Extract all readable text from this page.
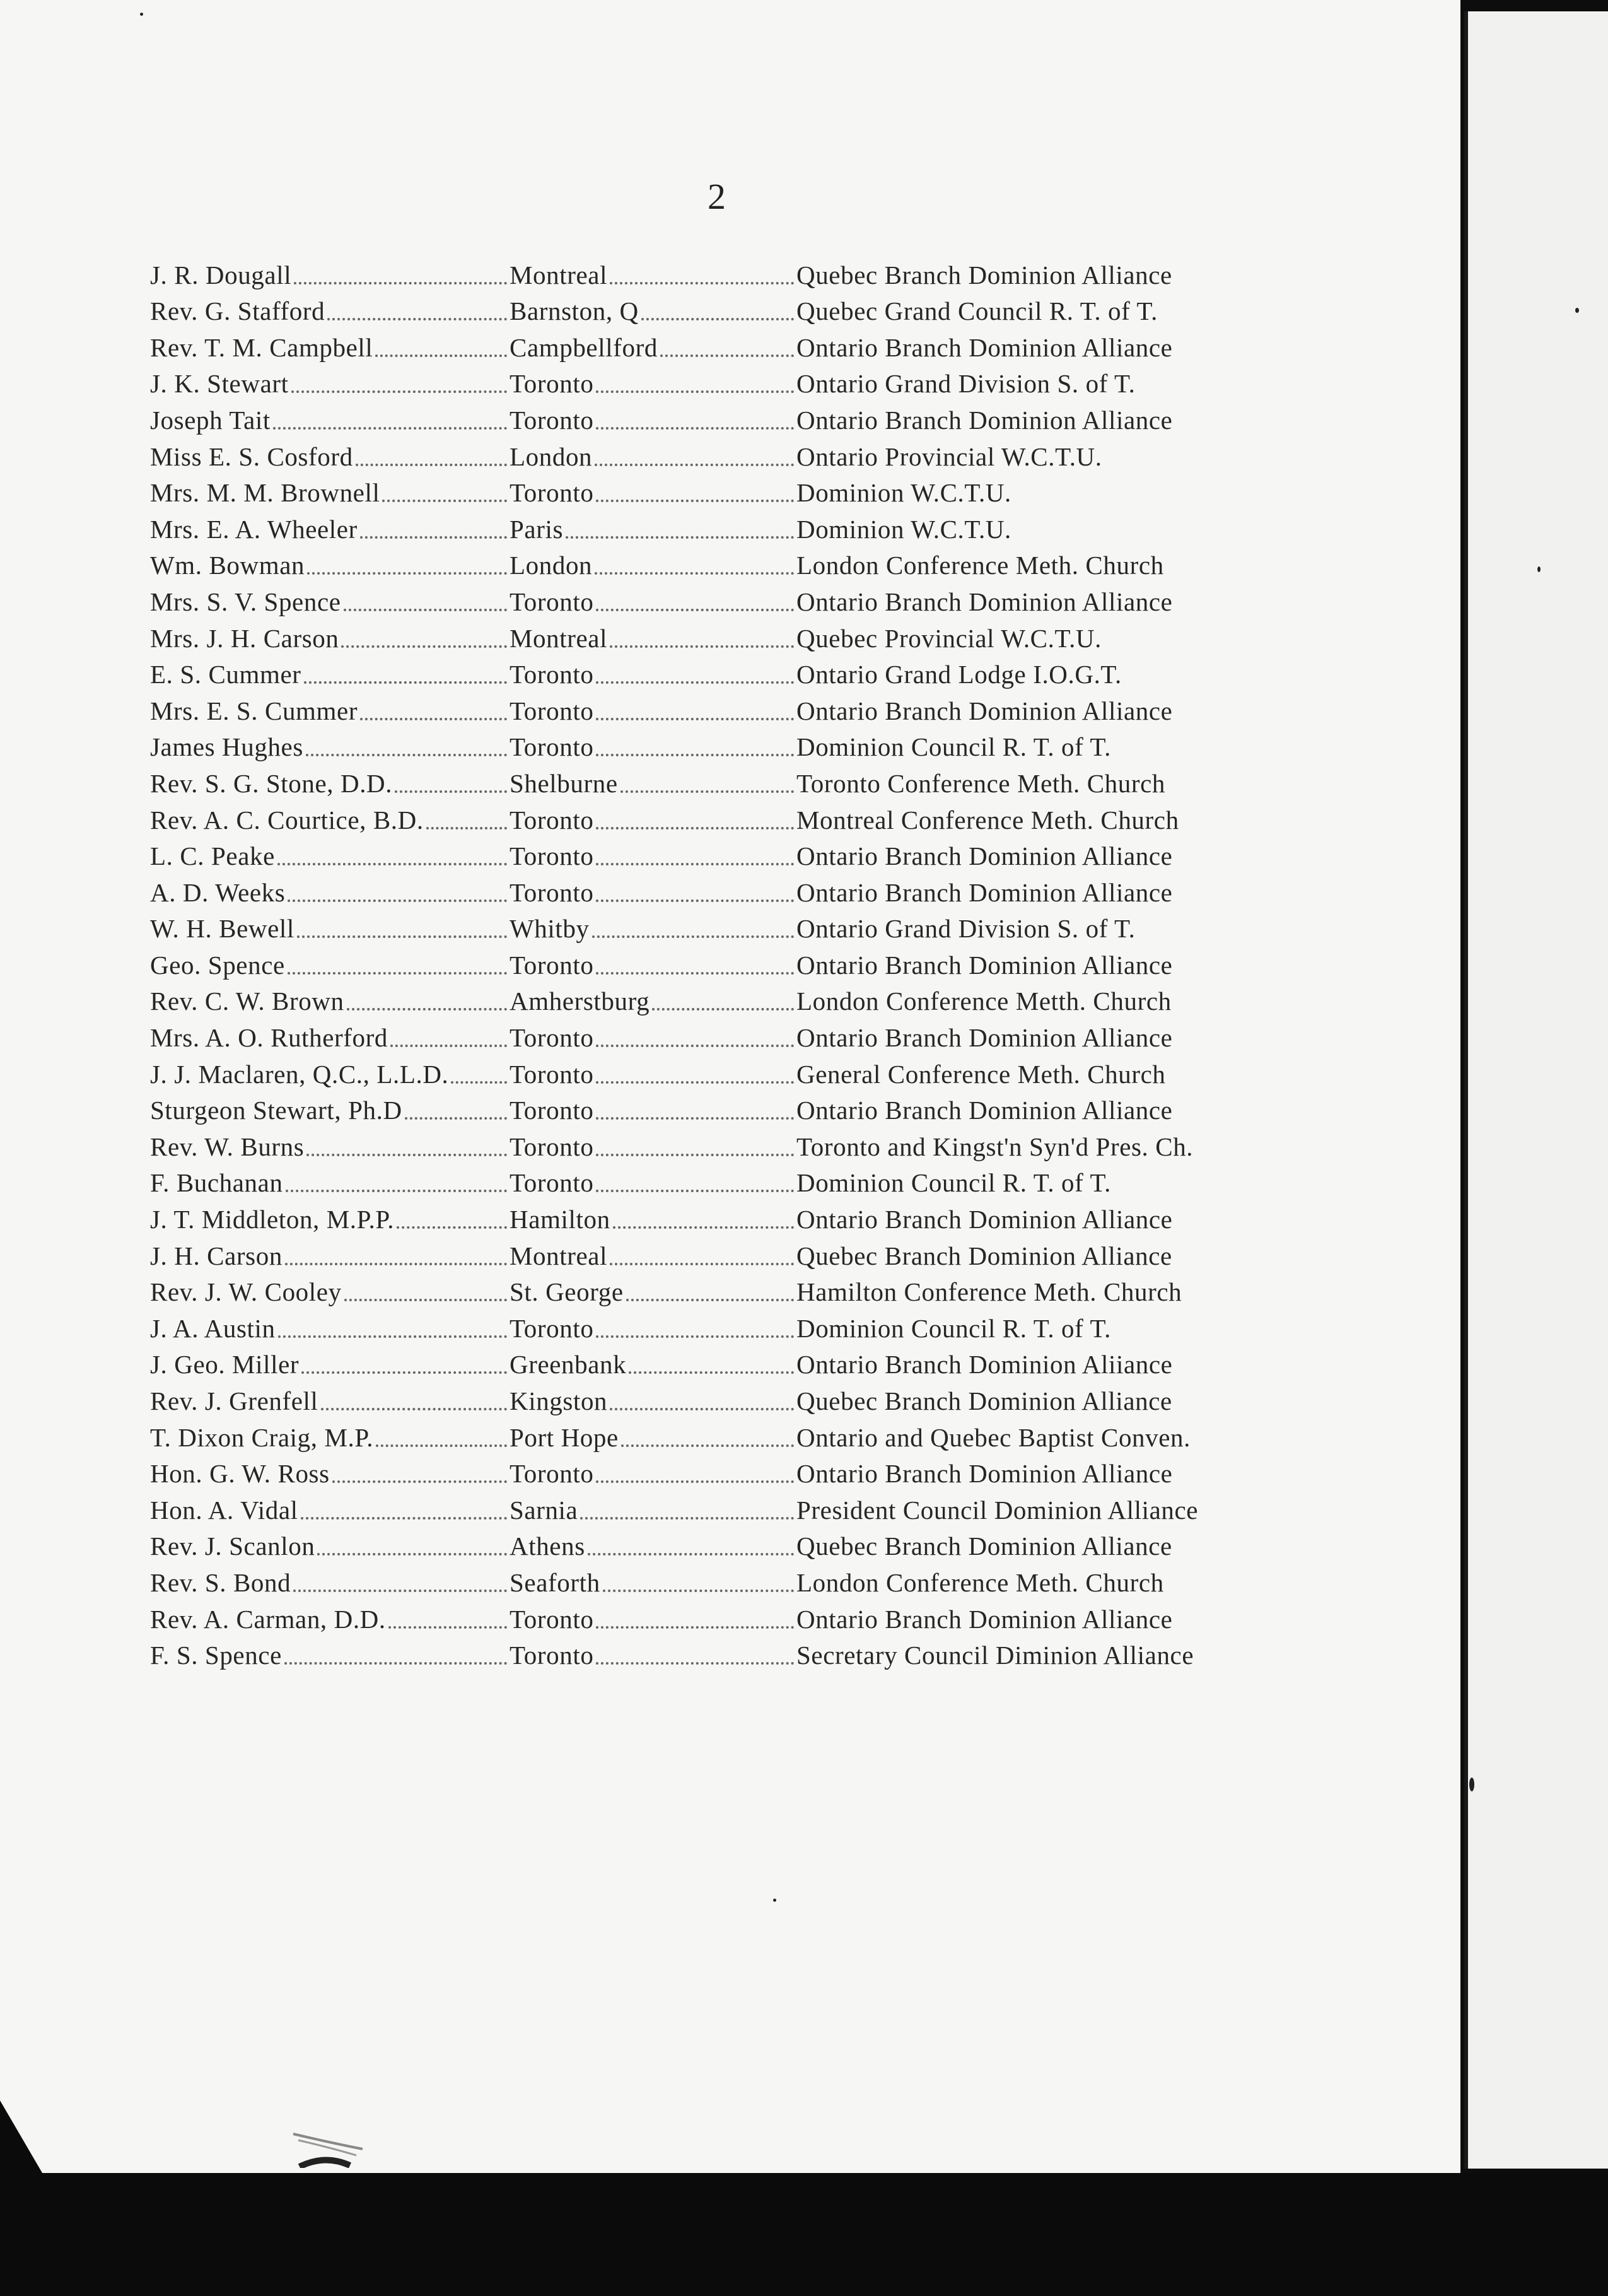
2
J. R. Dougall	Montreal	Quebec Branch Dominion Alliance
Rev. G. Stafford	Barnston, Q	Quebec Grand Council R. T. of T.
Rev. T. M. Campbell	Campbellford	Ontario Branch Dominion Alliance
J. K. Stewart	Toronto	Ontario Grand Division S. of T.
Joseph Tait	Toronto	Ontario Branch Dominion Alliance
Miss E. S. Cosford	London	Ontario Provincial W.C.T.U.
Mrs. M. M. Brownell	Toronto	Dominion W.C.T.U.
Mrs. E. A. Wheeler	Paris	Dominion W.C.T.U.
Wm. Bowman	London	London Conference Meth. Church
Mrs. S. V. Spence	Toronto	Ontario Branch Dominion Alliance
Mrs. J. H. Carson	Montreal	Quebec Provincial W.C.T.U.
E. S. Cummer	Toronto	Ontario Grand Lodge I.O.G.T.
Mrs. E. S. Cummer	Toronto	Ontario Branch Dominion Alliance
James Hughes	Toronto	Dominion Council R. T. of T.
Rev. S. G. Stone, D.D.	Shelburne	Toronto Conference Meth. Church
Rev. A. C. Courtice, B.D.	Toronto	Montreal Conference Meth. Church
L. C. Peake	Toronto	Ontario Branch Dominion Alliance
A. D. Weeks	Toronto	Ontario Branch Dominion Alliance
W. H. Bewell	Whitby	Ontario Grand Division S. of T.
Geo. Spence	Toronto	Ontario Branch Dominion Alliance
Rev. C. W. Brown	Amherstburg	London Conference Metth. Church
Mrs. A. O. Rutherford	Toronto	Ontario Branch Dominion Alliance
J. J. Maclaren, Q.C., L.L.D. Toronto	General Conference Meth. Church
Sturgeon Stewart, Ph.D	Toronto	Ontario Branch Dominion Alliance
Rev. W. Burns	Toronto	Toronto and Kingst'n Syn'd Pres. Ch.
F. Buchanan	Toronto	Dominion Council R. T. of T.
J. T. Middleton, M.P.P.	Hamilton	Ontario Branch Dominion Alliance
J. H. Carson	Montreal	Quebec Branch Dominion Alliance
Rev. J. W. Cooley	St. George	Hamilton Conference Meth. Church
J. A. Austin	Toronto	Dominion Council R. T. of T.
J. Geo. Miller	Greenbank	Ontario Branch Dominion Aliiance
Rev. J. Grenfell	Kingston	Quebec Branch Dominion Alliance
T. Dixon Craig, M.P.	Port Hope	Ontario and Quebec Baptist Conven.
Hon. G. W. Ross	Toronto	Ontario Branch Dominion Alliance
Hon. A. Vidal	Sarnia	President Council Dominion Alliance
Rev. J. Scanlon	Athens	Quebec Branch Dominion Alliance
Rev. S. Bond	Seaforth	London Conference Meth. Church
Rev. A. Carman, D.D.	Toronto	Ontario Branch Dominion Alliance
F. S. Spence	Toronto	Secretary Council Diminion Alliance
